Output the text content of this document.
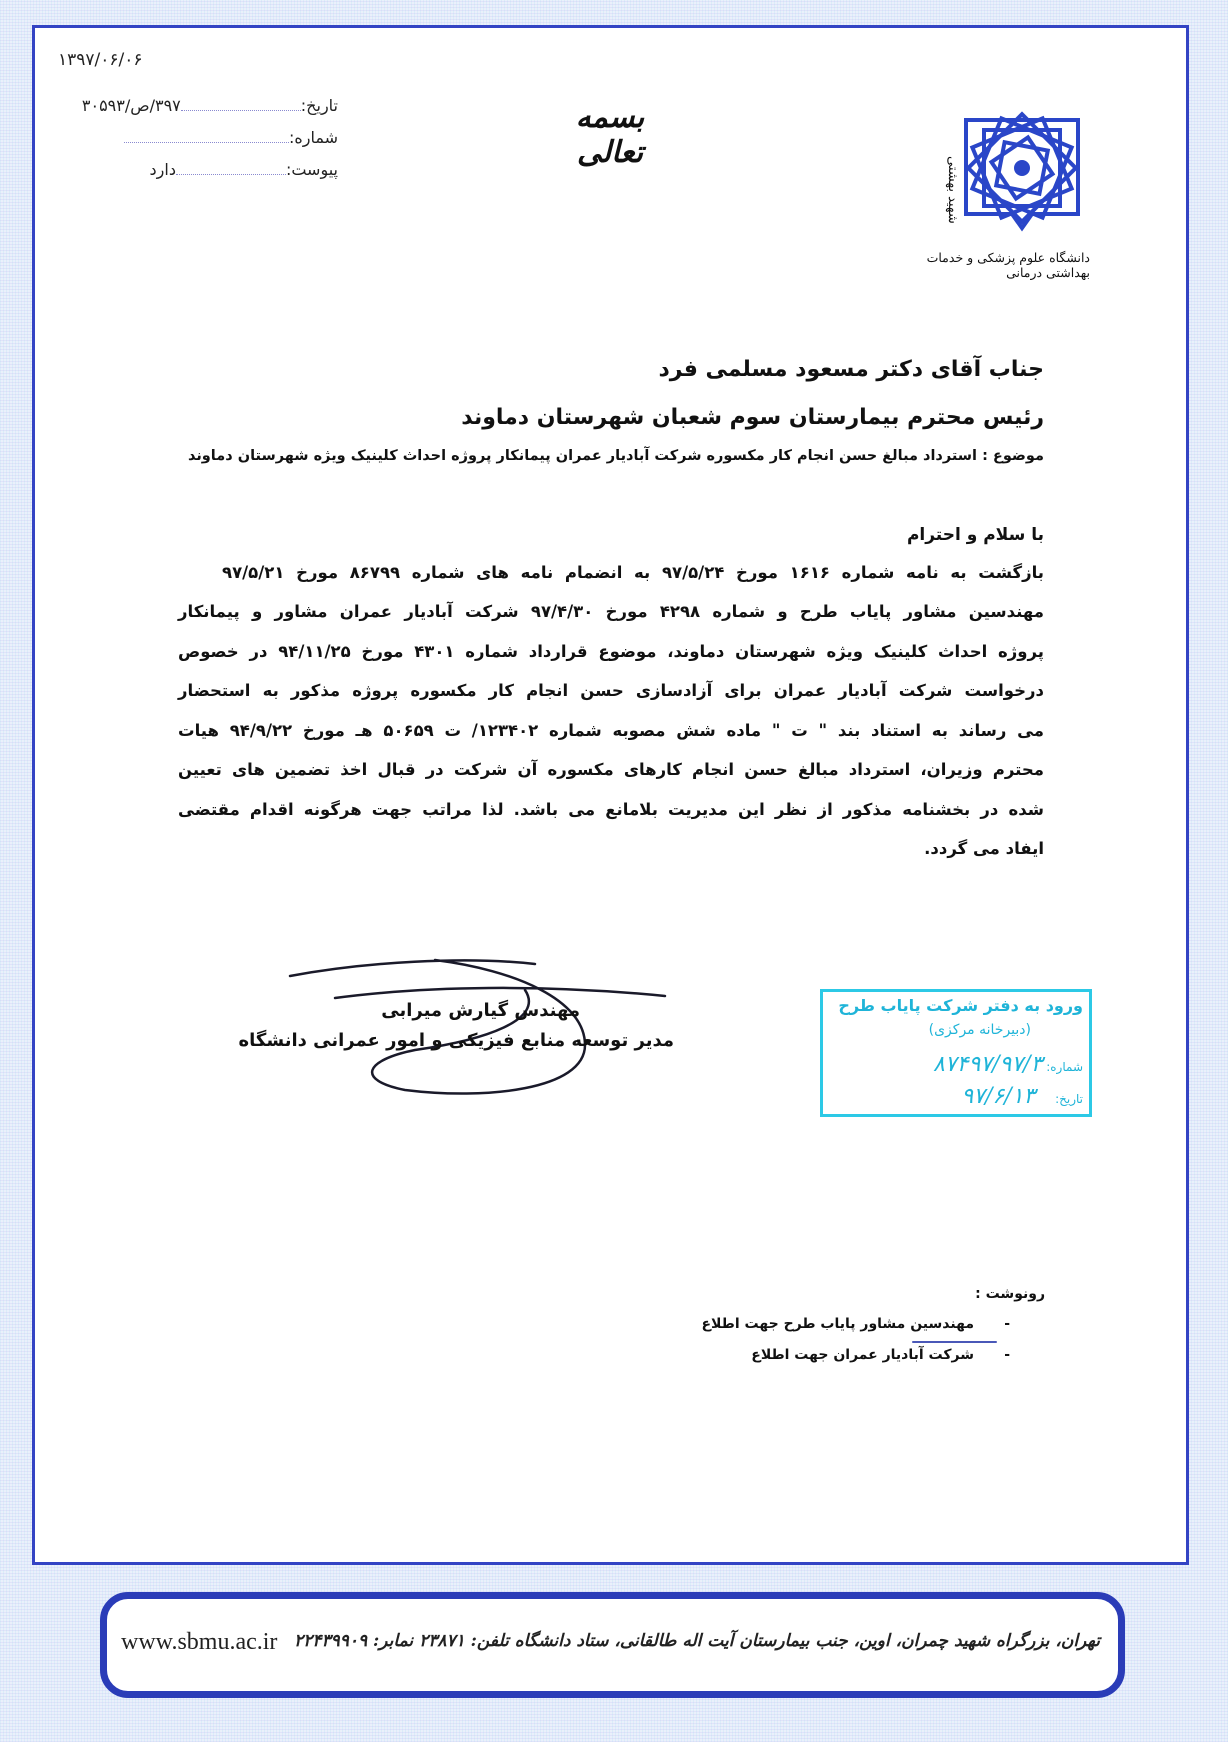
۱۳۹۷/۰۶/۰۶
تاریخ:۳۹۷/ص/۳۰۵۹۳
شماره:
پیوست:دارد
بسمه تعالی
دانشگاه علوم پزشکی و خدمات بهداشتی درمانی
شهید بهشتی
جناب آقای دکتر مسعود مسلمی فرد
رئیس محترم بیمارستان سوم شعبان شهرستان دماوند
موضوع : استرداد مبالغ حسن انجام کار مکسوره شرکت آبادیار عمران پیمانکار پروژه احداث کلینیک ویژه شهرستان دماوند
با سلام و احترام
بازگشت به نامه شماره ۱۶۱۶ مورخ ۹۷/۵/۲۴ به انضمام نامه های شماره ۸۶۷۹۹ مورخ ۹۷/۵/۲۱
مهندسین مشاور پایاب طرح و شماره ۴۲۹۸ مورخ ۹۷/۴/۳۰ شرکت آبادیار عمران مشاور و پیمانکار
پروژه احداث کلینیک ویژه شهرستان دماوند، موضوع قرارداد شماره ۴۳۰۱ مورخ ۹۴/۱۱/۲۵ در خصوص
درخواست شرکت آبادیار عمران برای آزادسازی حسن انجام کار مکسوره پروژه مذکور به استحضار
می رساند به استناد بند " ت " ماده شش مصوبه شماره ۱۲۳۴۰۲/ ت ۵۰۶۵۹ هـ مورخ ۹۴/۹/۲۲ هیات
محترم وزیران، استرداد مبالغ حسن انجام کارهای مکسوره آن شرکت در قبال اخذ تضمین های تعیین
شده در بخشنامه مذکور از نظر این مدیریت بلامانع می باشد. لذا مراتب جهت هرگونه اقدام مقتضی
ایفاد می گردد.
مهندس گیارش میرابی
مدیر توسعه منابع فیزیکی و امور عمرانی دانشگاه
ورود به دفتر شرکت پایاب طرح
(دبیرخانه مرکزی)
شماره: ۸۷۴۹۷/۹۷/۳
تاریخ: ۹۷/۶/۱۳
رونوشت :
-
مهندسین مشاور پایاب طرح جهت اطلاع
-
شرکت آبادیار عمران جهت اطلاع
www.sbmu.ac.ir تهران، بزرگراه شهید چمران، اوین، جنب بیمارستان آیت اله طالقانی، ستاد دانشگاه تلفن: ۲۳۸۷۱ نمابر: ۲۲۴۳۹۹۰۹
